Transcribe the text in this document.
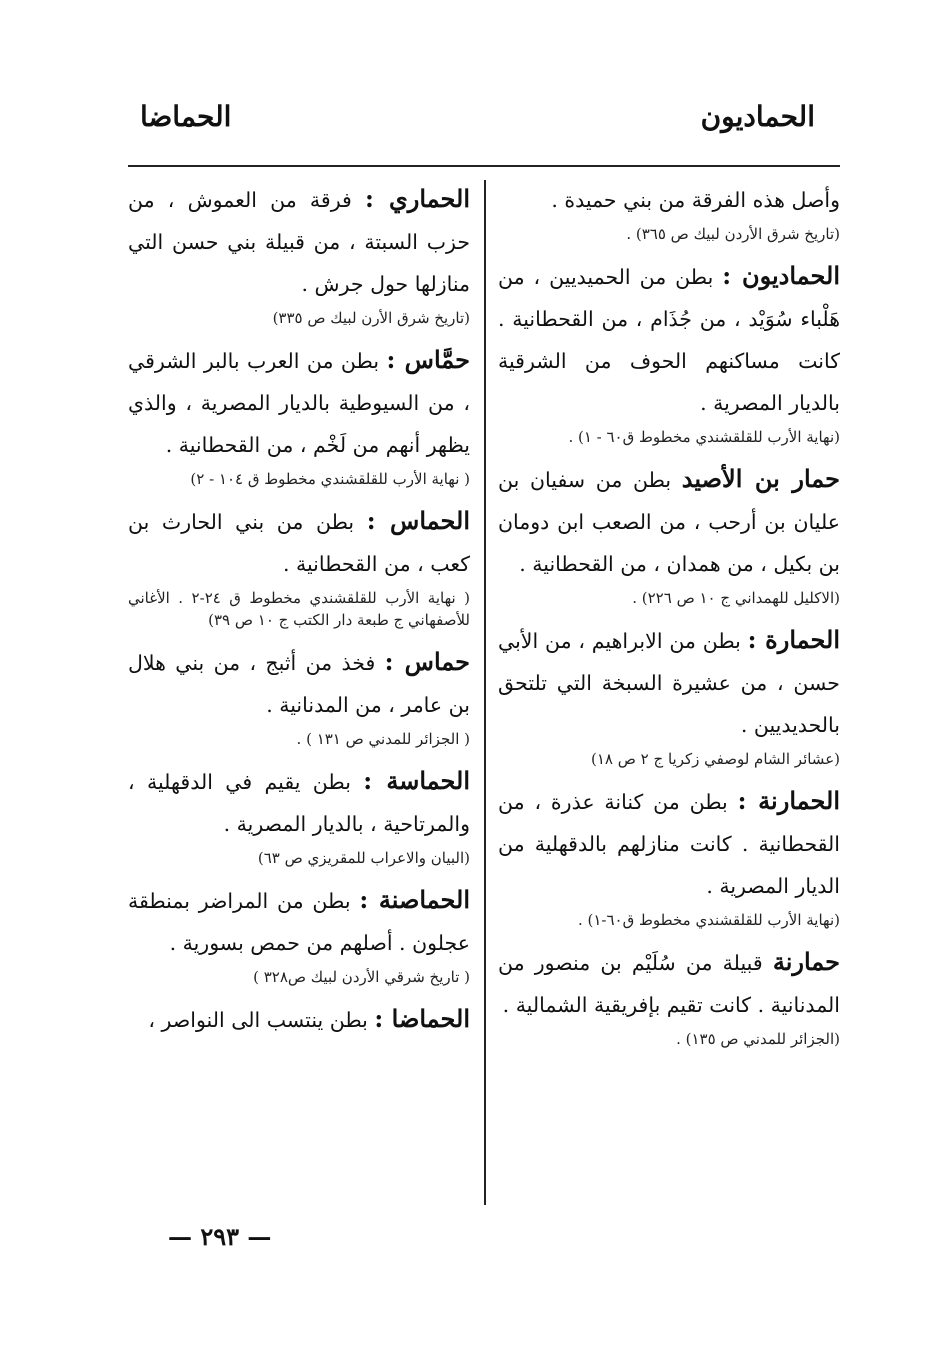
الحماديون
الحماضا

وأصل هذه الفرقة من بني حميدة .

(تاريخ شرق الأردن لبيك ص ٣٦٥) .

الحماديون : بطن من الحميديين ، من هَلْباء سُوَيْد ، من جُذَام ، من القحطانية . كانت مساكنهم الحوف من الشرقية بالديار المصرية .

(نهاية الأرب للقلقشندي مخطوط ق٦٠ - ١) .

حمار بن الأصيد بطن من سفيان بن عليان بن أرحب ، من الصعب ابن دومان بن بكيل ، من همدان ، من القحطانية .

(الاكليل للهمداني ج ١٠ ص ٢٢٦) .

الحمارة : بطن من الابراهيم ، من الأبي حسن ، من عشيرة السبخة التي تلتحق بالحديديين .

(عشائر الشام لوصفي زكريا ج ٢ ص ١٨)

الحمارنة : بطن من كنانة عذرة ، من القحطانية . كانت منازلهم بالدقهلية من الديار المصرية .

(نهاية الأرب للقلقشندي مخطوط ق٦٠-١) .

حمارنة قبيلة من سُلَيْم بن منصور من المدنانية . كانت تقيم بإفريقية الشمالية .

(الجزائر للمدني ص ١٣٥) .

الحماري : فرقة من العموش ، من حزب السبتة ، من قبيلة بني حسن التي منازلها حول جرش .

(تاريخ شرق الأرن لبيك ص ٣٣٥)

حمَّاس : بطن من العرب بالبر الشرقي ، من السيوطية بالديار المصرية ، والذي يظهر أنهم من لَخْم ، من القحطانية .

( نهاية الأرب للقلقشندي مخطوط ق ١٠٤ - ٢)

الحماس : بطن من بني الحارث بن كعب ، من القحطانية .

( نهاية الأرب للقلقشندي مخطوط ق ٢٤-٢ . الأغاني للأصفهاني ج طبعة دار الكتب ج ١٠ ص ٣٩)

حماس : فخذ من أثبج ، من بني هلال بن عامر ، من المدنانية .

( الجزائر للمدني ص ١٣١ ) .

الحماسة : بطن يقيم في الدقهلية ، والمرتاحية ، بالديار المصرية .

(البيان والاعراب للمقريزي ص ٦٣)

الحماصنة : بطن من المراضر بمنطقة عجلون . أصلهم من حمص بسورية .

( تاريخ شرقي الأردن لبيك ص٣٢٨ )

الحماضا : بطن ينتسب الى النواصر ،

— ٢٩٣ —
